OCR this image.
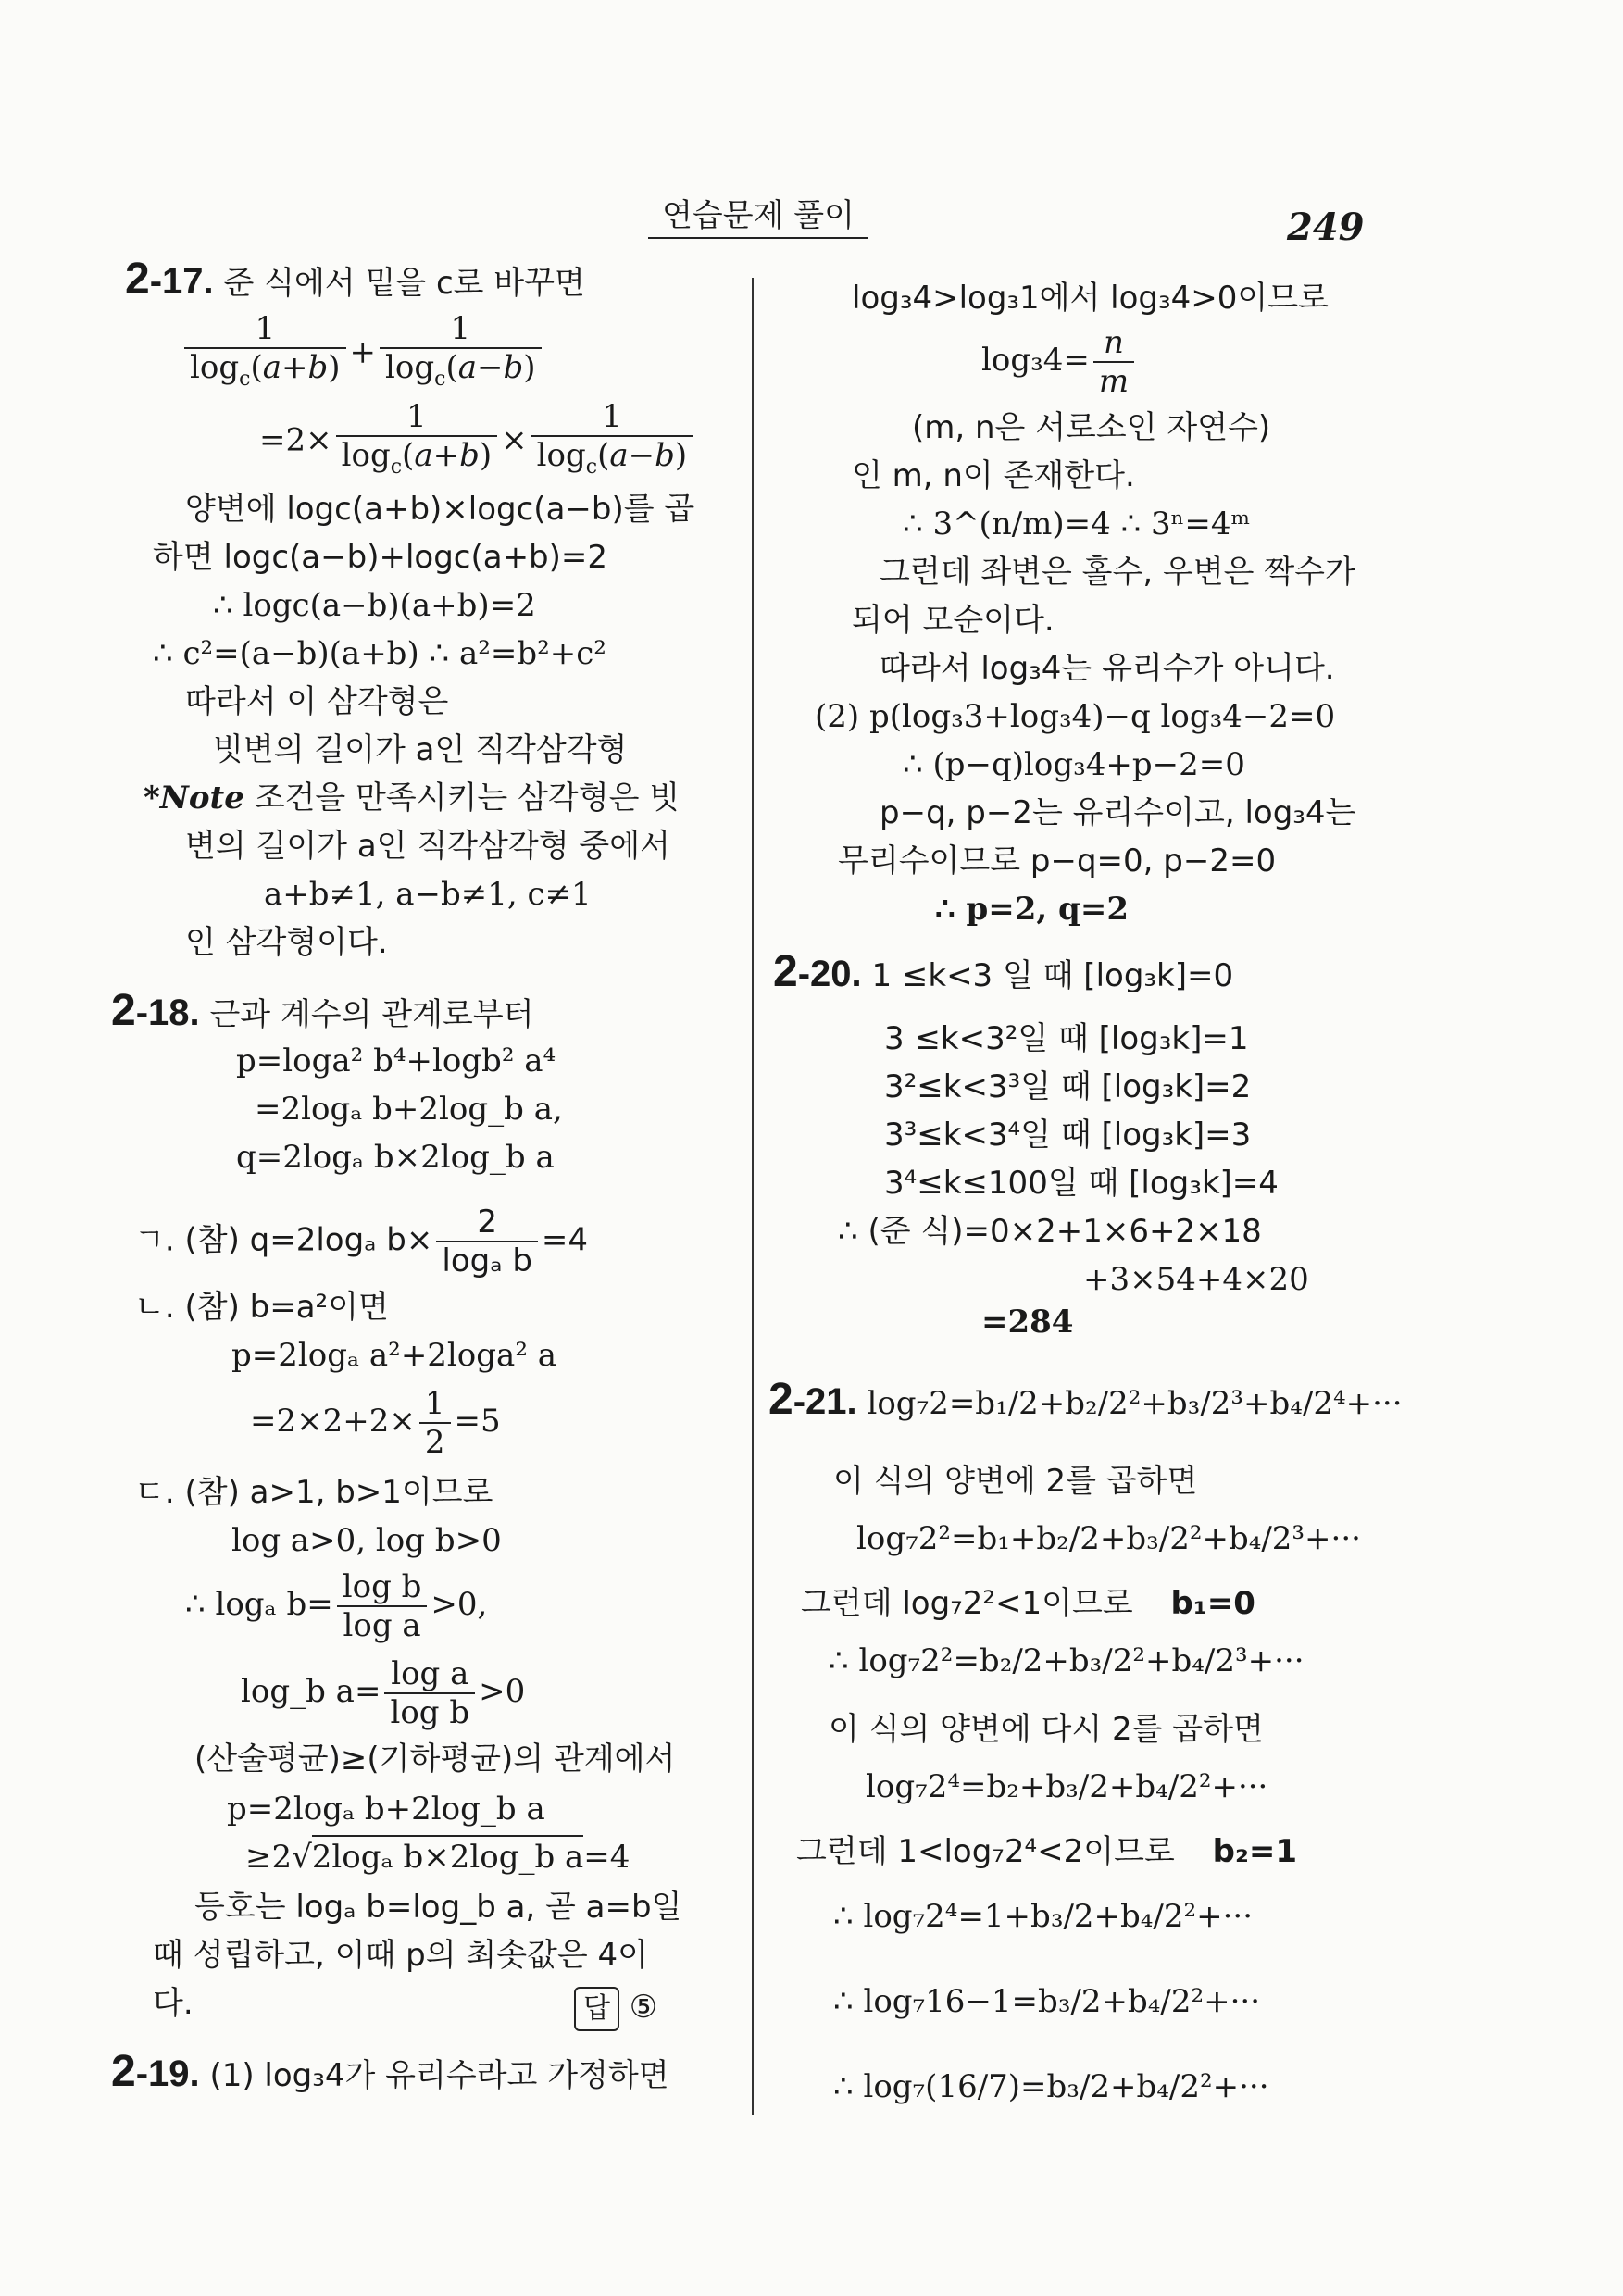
연습문제 풀이	249
2-17. 준 식에서 밑을 c로 바꾸면
$\frac{1}{\log_c(a+b)} + \frac{1}{\log_c(a-b)}$
$=2\times \frac{1}{\log_c(a+b)} \times \frac{1}{\log_c(a-b)}$
양변에 logc(a+b)×logc(a−b)를 곱
하면 logc(a−b)+logc(a+b)=2
∴ logc(a−b)(a+b)=2
∴ c²=(a−b)(a+b) ∴ a²=b²+c²
따라서 이 삼각형은
빗변의 길이가 a인 직각삼각형
*Note 조건을 만족시키는 삼각형은 빗
변의 길이가 a인 직각삼각형 중에서
a+b≠1, a−b≠1, c≠1
인 삼각형이다.
2-18. 근과 계수의 관계로부터
p=loga² b⁴+logb² a⁴
=2logₐ b+2log_b a,
q=2logₐ b×2log_b a
ㄱ. (참) q=2logₐ $b\times \frac{2}{\text{logₐ b}} =4$
ㄴ. (참) b=a²이면
p=2logₐ a²+2loga² a
$=2\times 2+2\times \frac{1}{2} =5$
ㄷ. (참) a>1, b>1이므로
log a>0, log b>0
∴ logₐ $b= \frac{\text{log b}}{\text{log a}} >0$,
log_b $a= \frac{\text{log a}}{\text{log b}} >0$
(산술평균)≥(기하평균)의 관계에서
p=2logₐ b+2log_b a
≥2√2logₐ b×2log_b a=4
등호는 logₐ b=log_b a, 곧 a=b일
때 성립하고, 이때 p의 최솟값은 4이
다.	답 ⑤
2-19. (1) log₃4가 유리수라고 가정하면
log₃4>log₃1에서 log₃4>0이므로
$\log_34= \frac{n}{m}$
(m, n은 서로소인 자연수)
인 m, n이 존재한다.
∴ 3^(n/m)=4 ∴ 3ⁿ=4ᵐ
그런데 좌변은 홀수, 우변은 짝수가
되어 모순이다.
따라서 log₃4는 유리수가 아니다.
(2) p(log₃3+log₃4)−q log₃4−2=0
∴ (p−q)log₃4+p−2=0
p−q, p−2는 유리수이고, log₃4는
무리수이므로 p−q=0, p−2=0
∴ p=2, q=2
2-20. 1 ≤k<3 일 때 [log₃k]=0
3 ≤k<3²일 때 [log₃k]=1
3²≤k<3³일 때 [log₃k]=2
3³≤k<3⁴일 때 [log₃k]=3
3⁴≤k≤100일 때 [log₃k]=4
∴ (준 식)=0×2+1×6+2×18
+3×54+4×20
=284
2-21. log₇2=b₁/2+b₂/2²+b₃/2³+b₄/2⁴+···
이 식의 양변에 2를 곱하면
log₇2²=b₁+b₂/2+b₃/2²+b₄/2³+···
그런데 log₇2²<1이므로 b₁=0
∴ log₇2²=b₂/2+b₃/2²+b₄/2³+···
이 식의 양변에 다시 2를 곱하면
log₇2⁴=b₂+b₃/2+b₄/2²+···
그런데 1<log₇2⁴<2이므로 b₂=1
∴ log₇2⁴=1+b₃/2+b₄/2²+···
∴ log₇16−1=b₃/2+b₄/2²+···
∴ log₇(16/7)=b₃/2+b₄/2²+···
